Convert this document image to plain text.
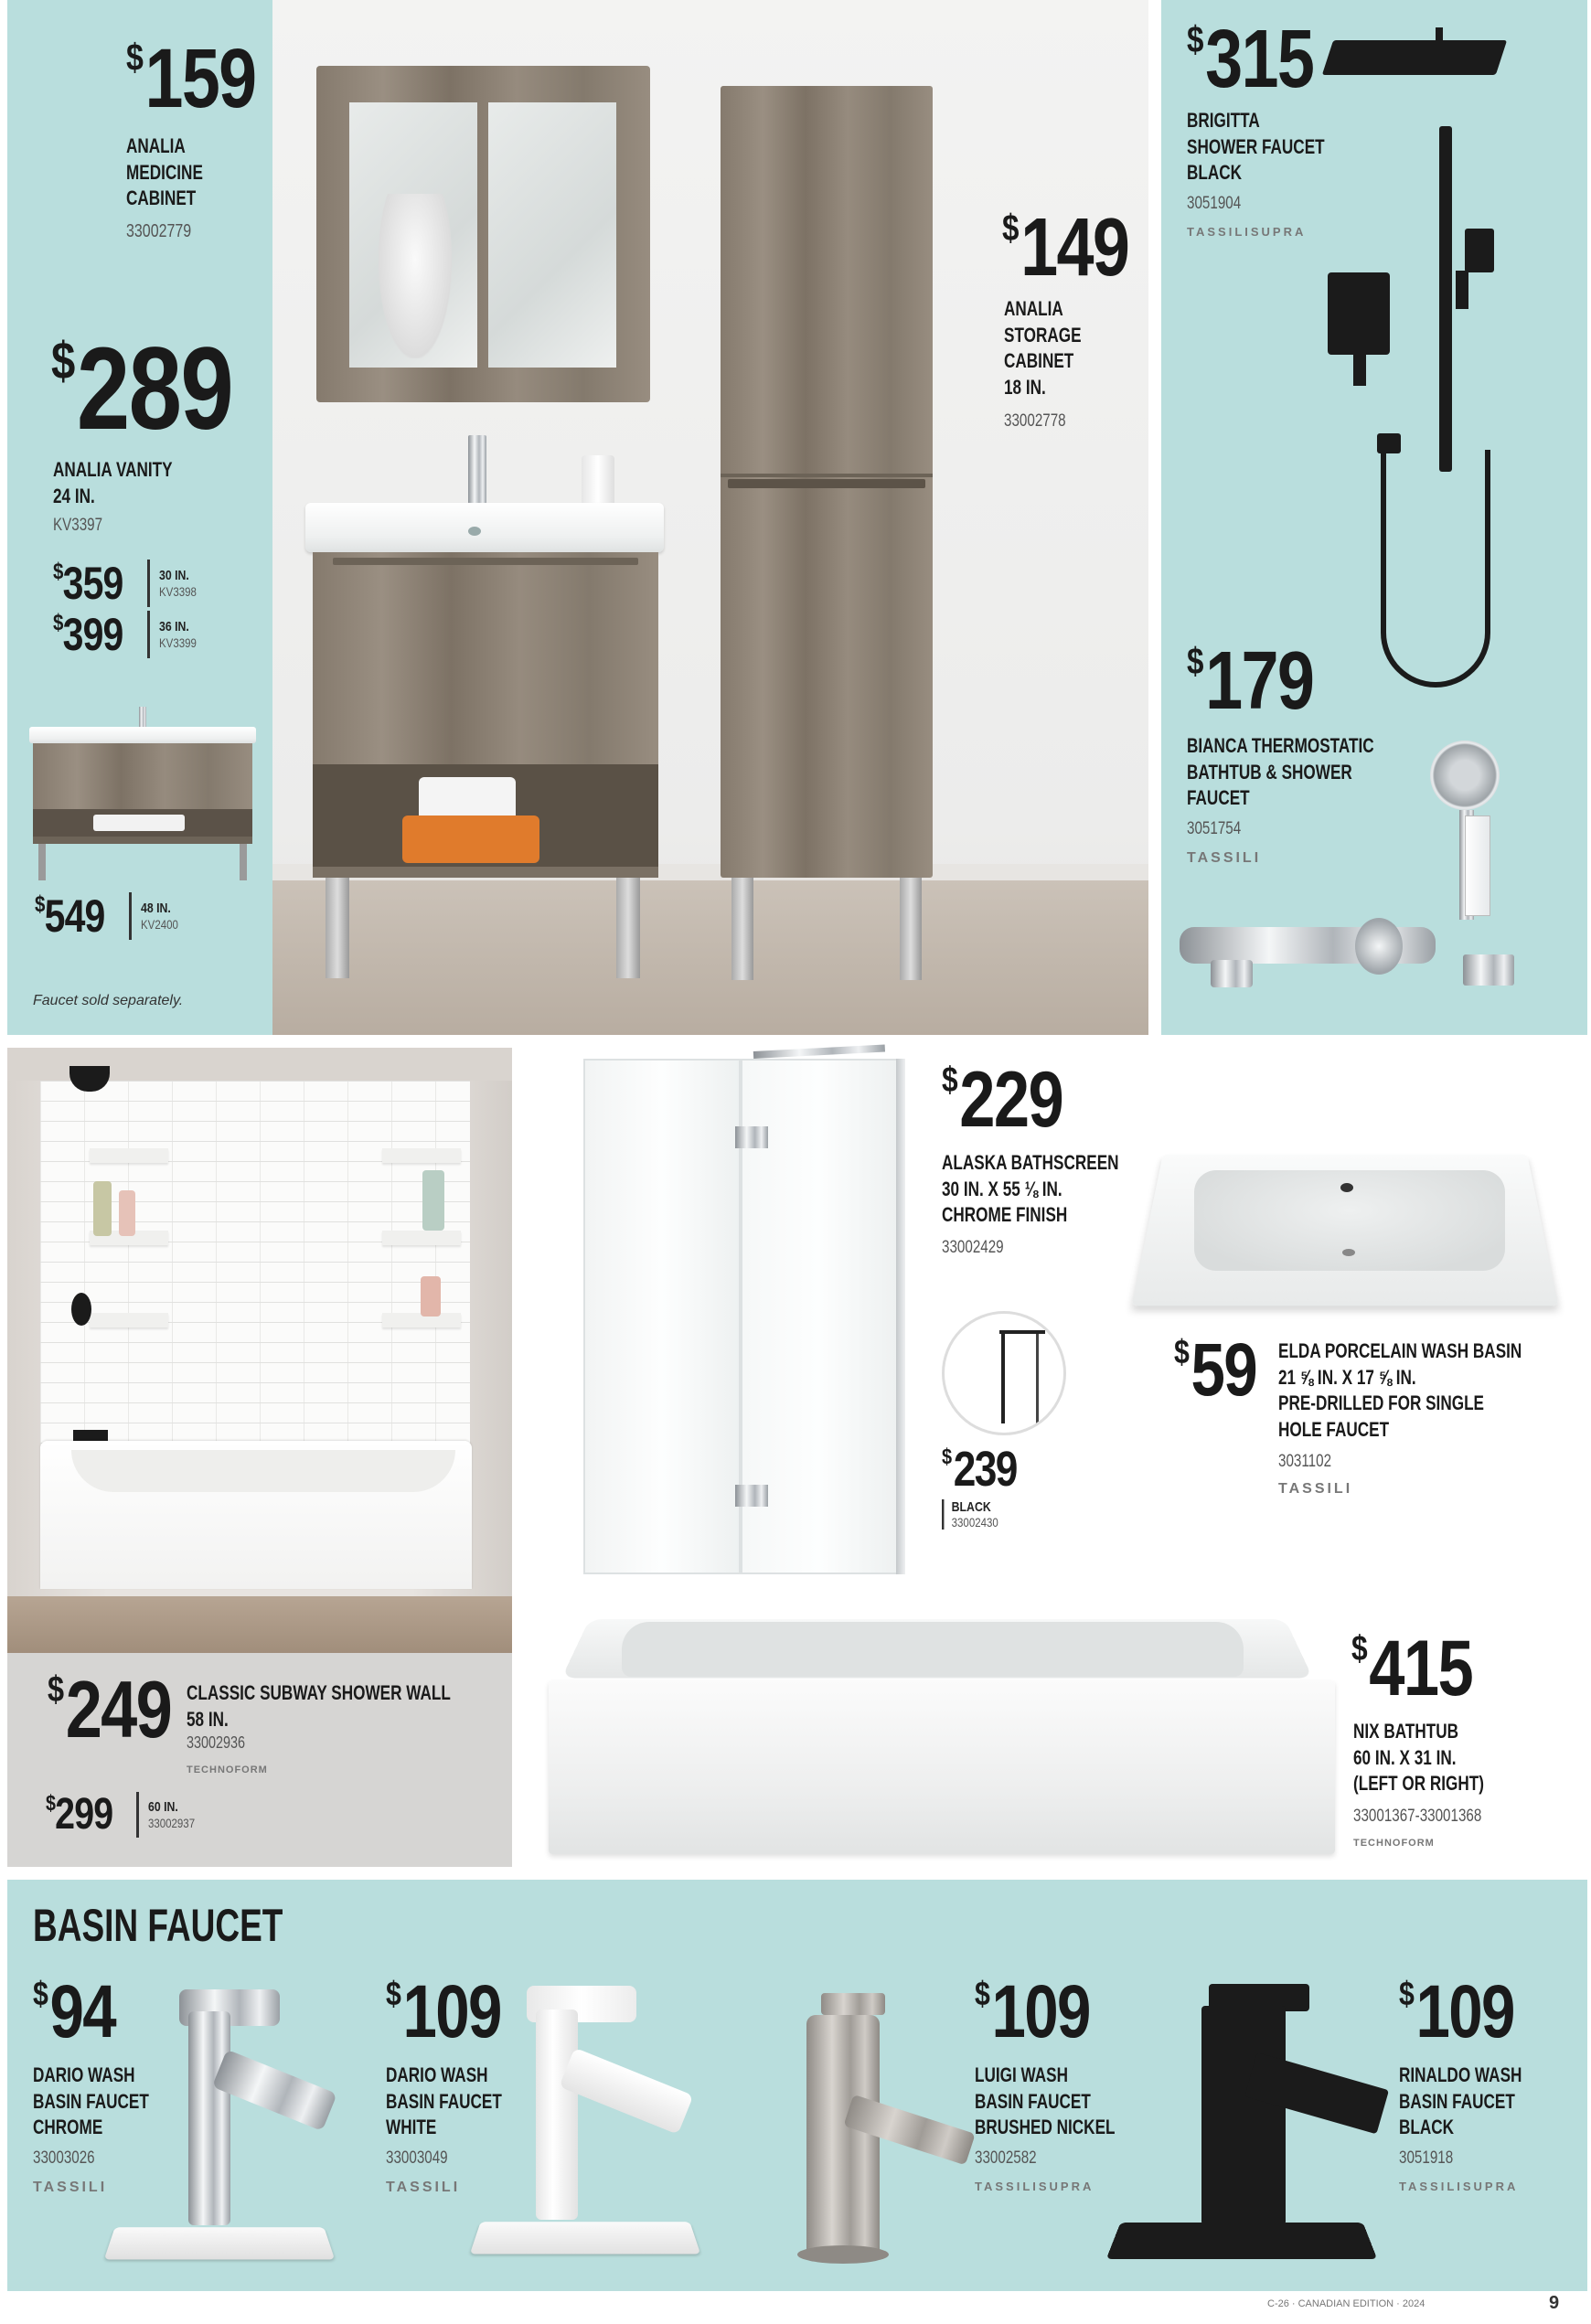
$159
ANALIA
MEDICINE
CABINET
33002779
$289
ANALIA VANITY
24 IN.
KV3397
$359	30 IN.
KV3398
$399	36 IN.
KV3399
$549	48 IN.
KV2400
Faucet sold separately.
$149
ANALIA
STORAGE
CABINET
18 IN.
33002778
$315
BRIGITTA
SHOWER FAUCET
BLACK
3051904
TASSILISUPRA
$179
BIANCA THERMOSTATIC
BATHTUB & SHOWER
FAUCET
3051754
TASSILI
$249 CLASSIC SUBWAY SHOWER WALL
58 IN.
33002936
TECHNOFORM
$299	60 IN.
33002937
$229
ALASKA BATHSCREEN
30 IN. X 55 ⅛ IN.
CHROME FINISH
33002429
$239
BLACK
33002430
$59 ELDA PORCELAIN WASH BASIN
21 ⅝ IN. X 17 ⅝ IN.
PRE-DRILLED FOR SINGLE
HOLE FAUCET
3031102
TASSILI
$415
NIX BATHTUB
60 IN. X 31 IN.
(LEFT OR RIGHT)
33001367-33001368
TECHNOFORM
BASIN FAUCET
$94
DARIO WASH
BASIN FAUCET
CHROME
33003026
TASSILI
$109
DARIO WASH
BASIN FAUCET
WHITE
33003049
TASSILI
$109
LUIGI WASH
BASIN FAUCET
BRUSHED NICKEL
33002582
TASSILISUPRA
$109
RINALDO WASH
BASIN FAUCET
BLACK
3051918
TASSILISUPRA
C-26 · CANADIAN EDITION · 2024	9
